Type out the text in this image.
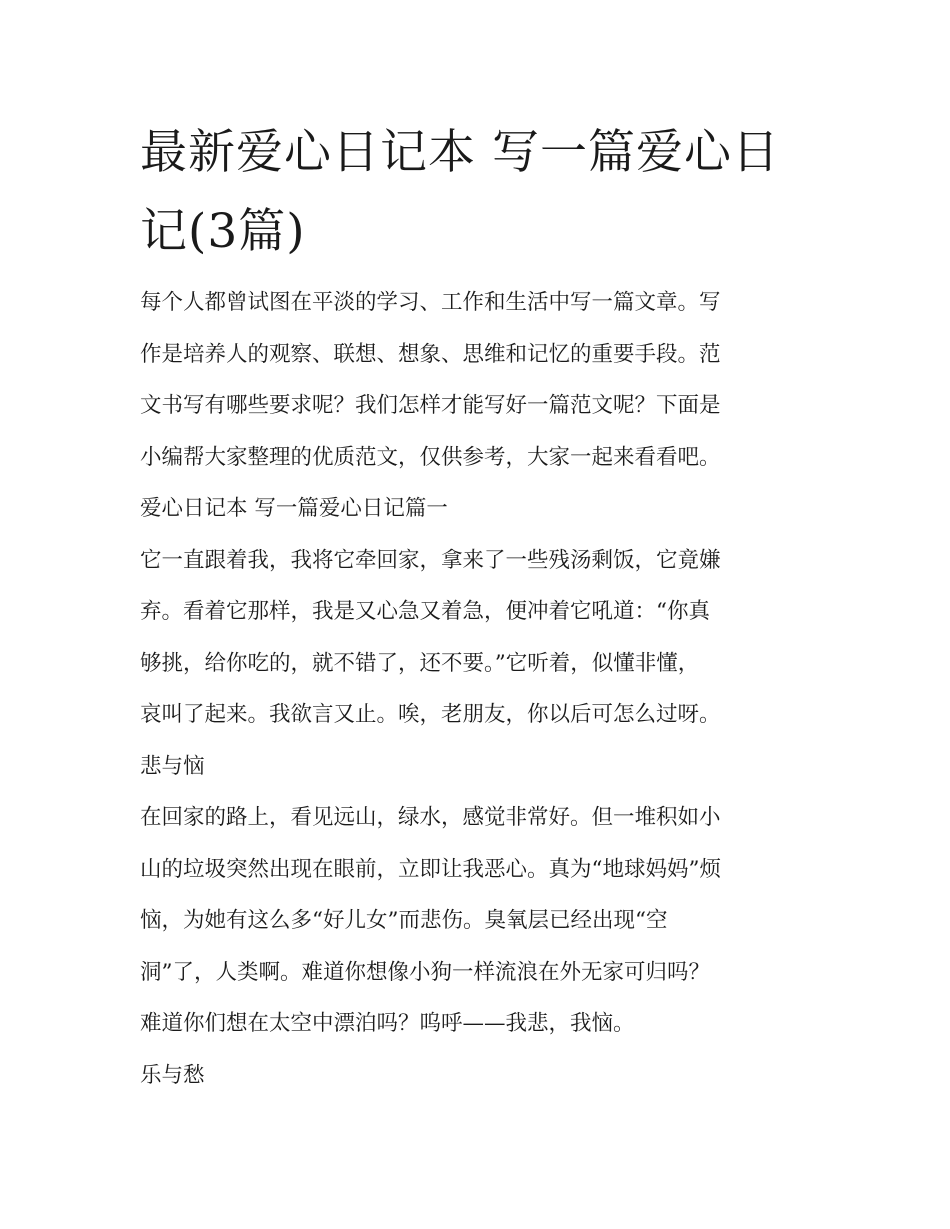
最新爱心日记本 写一篇爱心日
记(3篇)
每个人都曾试图在平淡的学习、工作和生活中写一篇文章。写
作是培养人的观察、联想、想象、思维和记忆的重要手段。范
文书写有哪些要求呢？我们怎样才能写好一篇范文呢？下面是
小编帮大家整理的优质范文，仅供参考，大家一起来看看吧。
爱心日记本 写一篇爱心日记篇一
它一直跟着我，我将它牵回家，拿来了一些残汤剩饭，它竟嫌
弃。看着它那样，我是又心急又着急，便冲着它吼道：“你真
够挑，给你吃的，就不错了，还不要。”它听着，似懂非懂，
哀叫了起来。我欲言又止。唉，老朋友，你以后可怎么过呀。
悲与恼
在回家的路上，看见远山，绿水，感觉非常好。但一堆积如小
山的垃圾突然出现在眼前，立即让我恶心。真为“地球妈妈”烦
恼，为她有这么多“好儿女”而悲伤。臭氧层已经出现“空
洞”了，人类啊。难道你想像小狗一样流浪在外无家可归吗？
难道你们想在太空中漂泊吗？呜呼——我悲，我恼。
乐与愁
